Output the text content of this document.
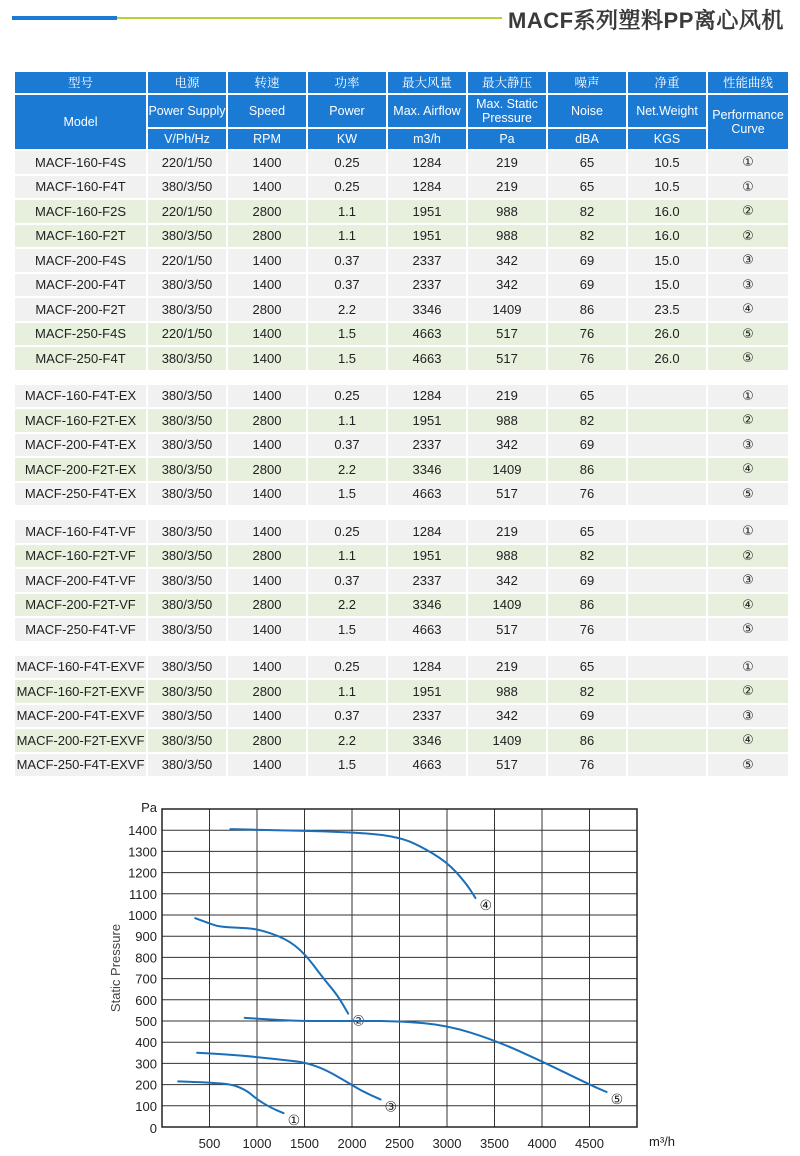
MACF系列塑料PP离心风机
型号	电源	转速	功率	最大风量	最大静压	噪声	净重	性能曲线
Model	Power Supply	Speed	Power	Max. Airflow	Max. Static Pressure	Noise	Net.Weight	Performance Curve
	V/Ph/Hz	RPM	KW	m3/h	Pa	dBA	KGS	
MACF-160-F4S	220/1/50	1400	0.25	1284	219	65	10.5	①
MACF-160-F4T	380/3/50	1400	0.25	1284	219	65	10.5	①
MACF-160-F2S	220/1/50	2800	1.1	1951	988	82	16.0	②
MACF-160-F2T	380/3/50	2800	1.1	1951	988	82	16.0	②
MACF-200-F4S	220/1/50	1400	0.37	2337	342	69	15.0	③
MACF-200-F4T	380/3/50	1400	0.37	2337	342	69	15.0	③
MACF-200-F2T	380/3/50	2800	2.2	3346	1409	86	23.5	④
MACF-250-F4S	220/1/50	1400	1.5	4663	517	76	26.0	⑤
MACF-250-F4T	380/3/50	1400	1.5	4663	517	76	26.0	⑤

MACF-160-F4T-EX	380/3/50	1400	0.25	1284	219	65		①
MACF-160-F2T-EX	380/3/50	2800	1.1	1951	988	82		②
MACF-200-F4T-EX	380/3/50	1400	0.37	2337	342	69		③
MACF-200-F2T-EX	380/3/50	2800	2.2	3346	1409	86		④
MACF-250-F4T-EX	380/3/50	1400	1.5	4663	517	76		⑤

MACF-160-F4T-VF	380/3/50	1400	0.25	1284	219	65		①
MACF-160-F2T-VF	380/3/50	2800	1.1	1951	988	82		②
MACF-200-F4T-VF	380/3/50	1400	0.37	2337	342	69		③
MACF-200-F2T-VF	380/3/50	2800	2.2	3346	1409	86		④
MACF-250-F4T-VF	380/3/50	1400	1.5	4663	517	76		⑤

MACF-160-F4T-EXVF	380/3/50	1400	0.25	1284	219	65		①
MACF-160-F2T-EXVF	380/3/50	2800	1.1	1951	988	82		②
MACF-200-F4T-EXVF	380/3/50	1400	0.37	2337	342	69		③
MACF-200-F2T-EXVF	380/3/50	2800	2.2	3346	1409	86		④
MACF-250-F4T-EXVF	380/3/50	1400	1.5	4663	517	76		⑤
0
100
200
300
400
500
600
700
800
900
1000
1100
1200
1300
1400
Pa
500 1000 1500 2000 2500 3000 3500 4000 4500	m³/h
Static Pressure
①
②
③
④
⑤
